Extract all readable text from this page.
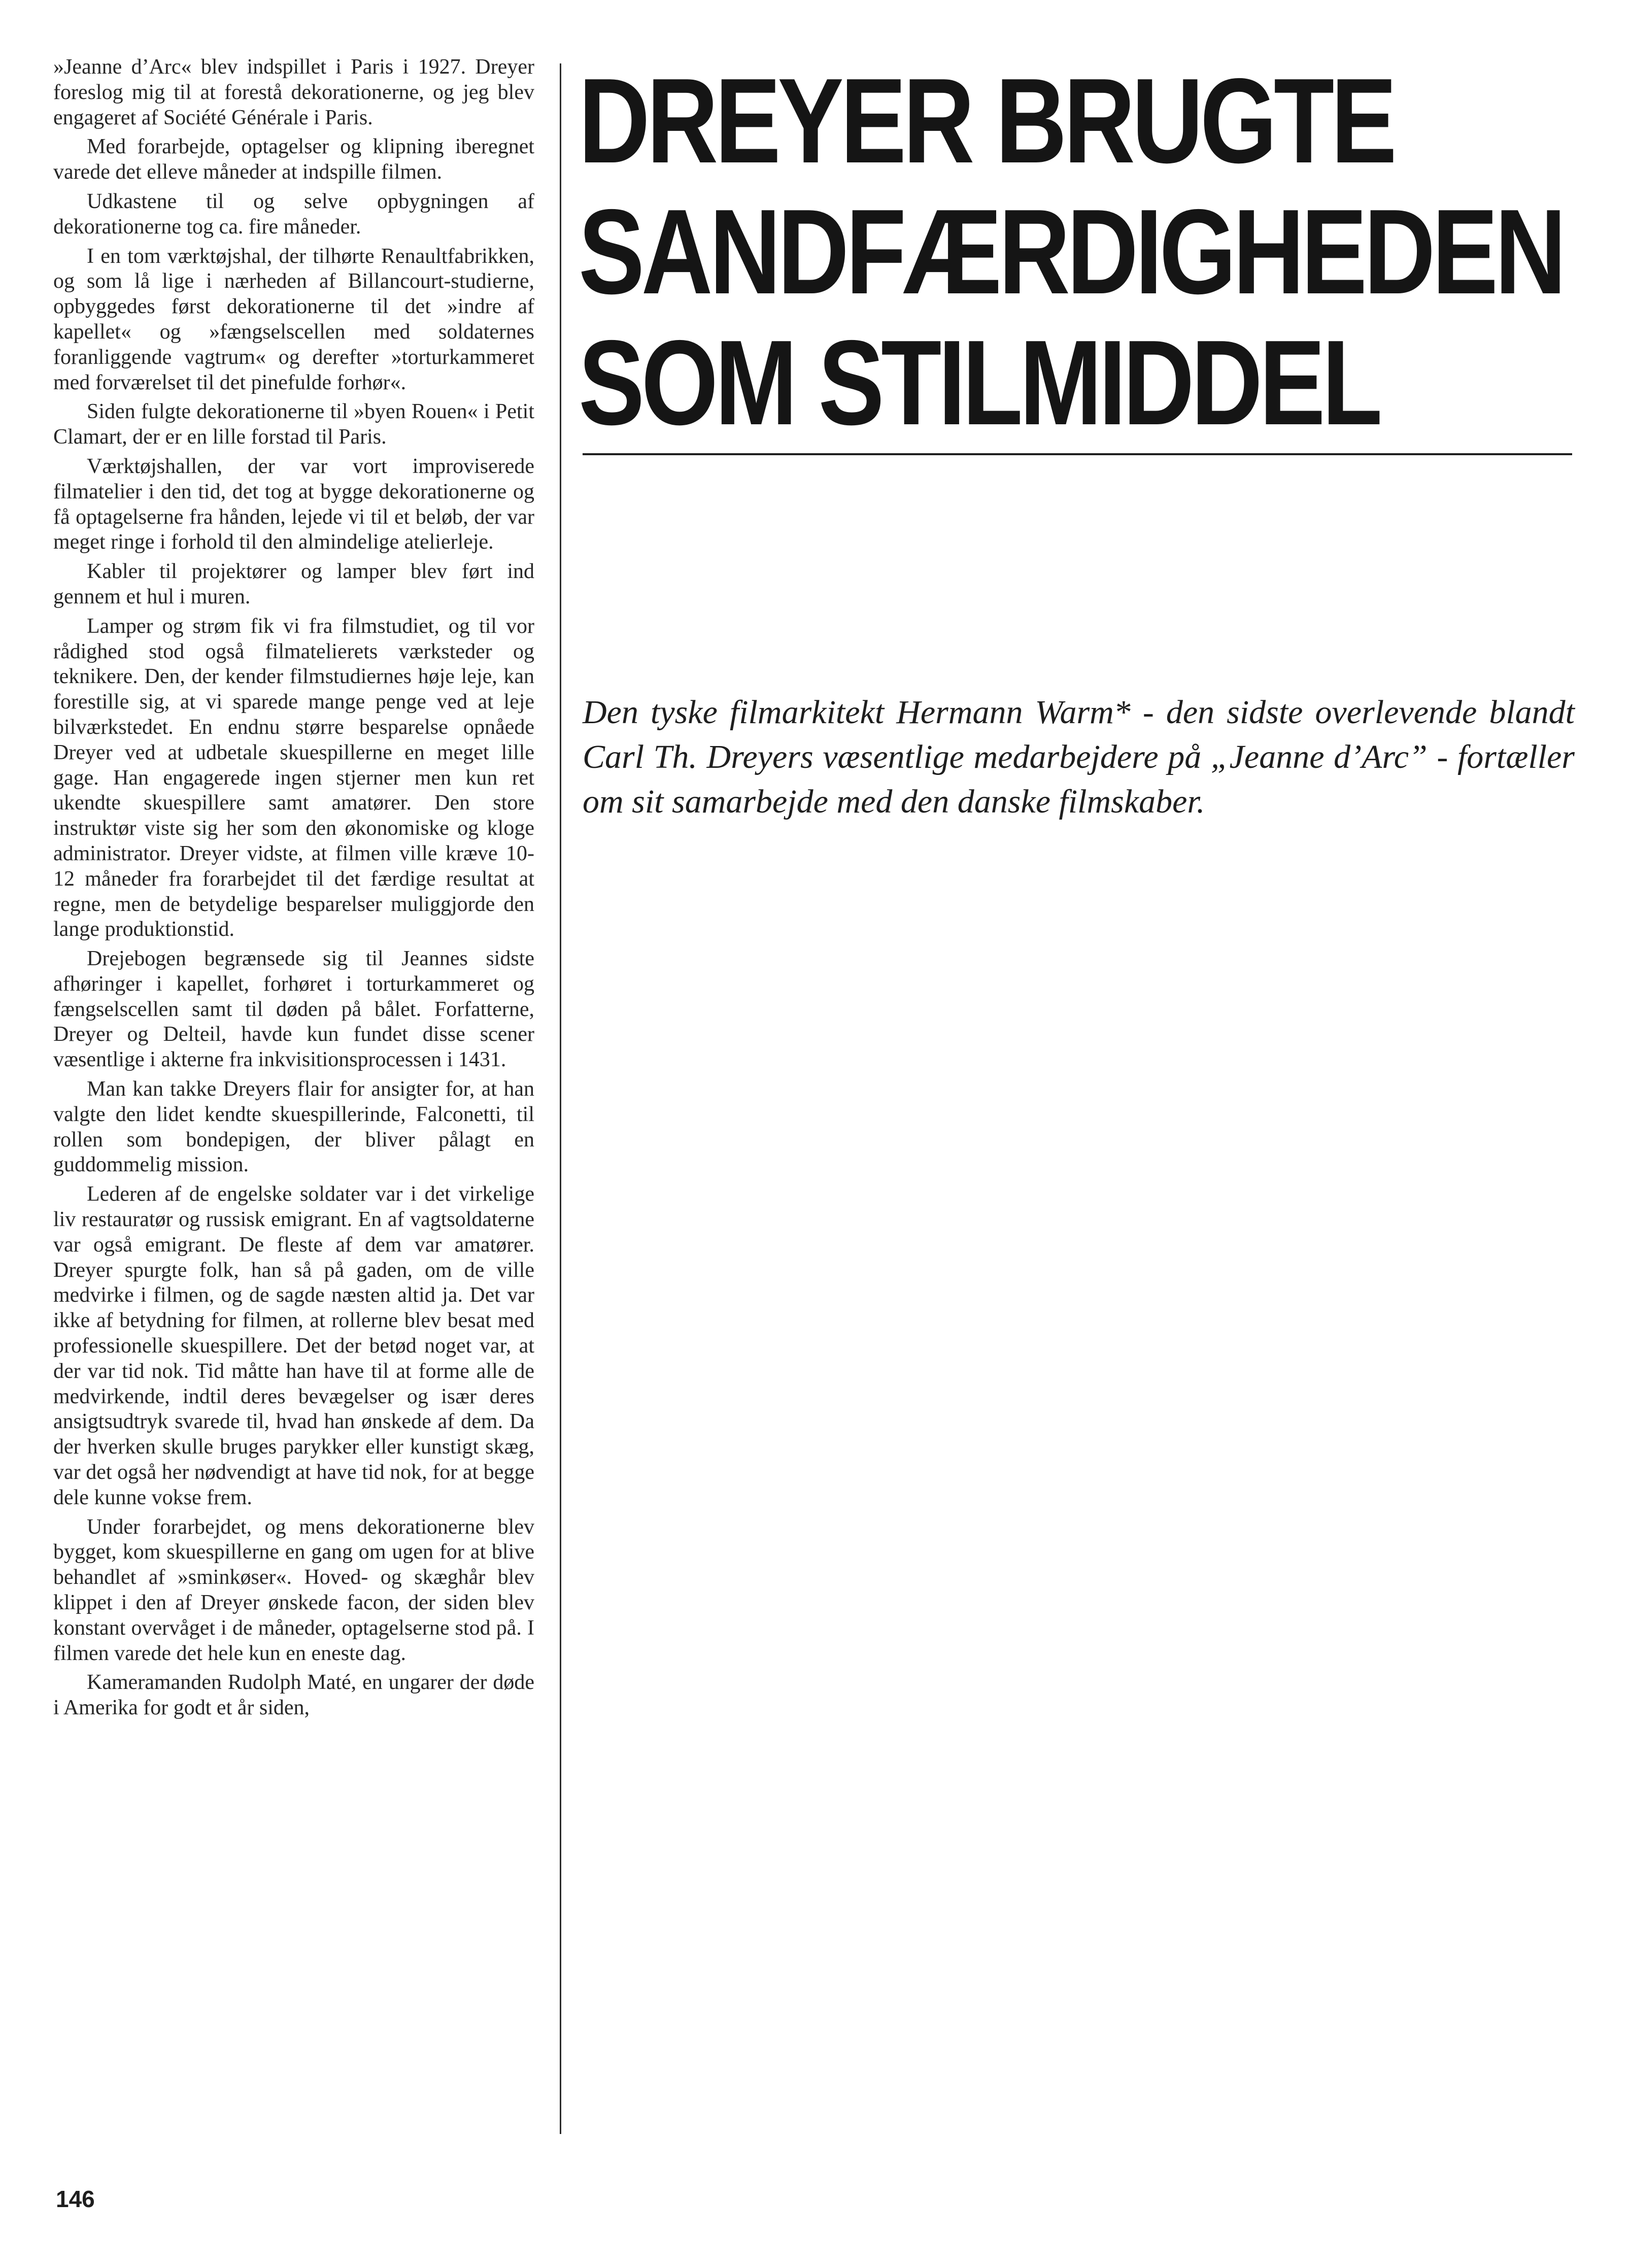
»Jeanne d’Arc« blev indspillet i Paris i 1927. Dreyer foreslog mig til at forestå dekorationerne, og jeg blev engageret af Société Générale i Paris.

Med forarbejde, optagelser og klipning iberegnet varede det elleve måneder at indspille filmen.

Udkastene til og selve opbygningen af dekorationerne tog ca. fire måneder.

I en tom værktøjshal, der tilhørte Renaultfabrikken, og som lå lige i nærheden af Billancourt-studierne, opbyggedes først dekorationerne til det »indre af kapellet« og »fængselscellen med soldaternes foranliggende vagtrum« og derefter »torturkammeret med forværelset til det pinefulde forhør«.

Siden fulgte dekorationerne til »byen Rouen« i Petit Clamart, der er en lille forstad til Paris.

Værktøjshallen, der var vort improviserede filmatelier i den tid, det tog at bygge dekorationerne og få optagelserne fra hånden, lejede vi til et beløb, der var meget ringe i forhold til den almindelige atelierleje.

Kabler til projektører og lamper blev ført ind gennem et hul i muren.

Lamper og strøm fik vi fra filmstudiet, og til vor rådighed stod også filmatelierets værksteder og teknikere. Den, der kender filmstudiernes høje leje, kan forestille sig, at vi sparede mange penge ved at leje bilværkstedet. En endnu større besparelse opnåede Dreyer ved at udbetale skuespillerne en meget lille gage. Han engagerede ingen stjerner men kun ret ukendte skuespillere samt amatører. Den store instruktør viste sig her som den økonomiske og kloge administrator. Dreyer vidste, at filmen ville kræve 10-12 måneder fra forarbejdet til det færdige resultat at regne, men de betydelige besparelser muliggjorde den lange produktionstid.

Drejebogen begrænsede sig til Jeannes sidste afhøringer i kapellet, forhøret i torturkammeret og fængselscellen samt til døden på bålet. Forfatterne, Dreyer og Delteil, havde kun fundet disse scener væsentlige i akterne fra inkvisitionsprocessen i 1431.

Man kan takke Dreyers flair for ansigter for, at han valgte den lidet kendte skuespillerinde, Falconetti, til rollen som bondepigen, der bliver pålagt en guddommelig mission.

Lederen af de engelske soldater var i det virkelige liv restauratør og russisk emigrant. En af vagtsoldaterne var også emigrant. De fleste af dem var amatører. Dreyer spurgte folk, han så på gaden, om de ville medvirke i filmen, og de sagde næsten altid ja. Det var ikke af betydning for filmen, at rollerne blev besat med professionelle skuespillere. Det der betød noget var, at der var tid nok. Tid måtte han have til at forme alle de medvirkende, indtil deres bevægelser og især deres ansigtsudtryk svarede til, hvad han ønskede af dem. Da der hverken skulle bruges parykker eller kunstigt skæg, var det også her nødvendigt at have tid nok, for at begge dele kunne vokse frem.

Under forarbejdet, og mens dekorationerne blev bygget, kom skuespillerne en gang om ugen for at blive behandlet af »sminkøser«. Hoved- og skæghår blev klippet i den af Dreyer ønskede facon, der siden blev konstant overvåget i de måneder, optagelserne stod på. I filmen varede det hele kun en eneste dag.

Kameramanden Rudolph Maté, en ungarer der døde i Amerika for godt et år siden,

DREYER BRUGTE
SANDFÆRDIGHEDEN
SOM STILMIDDEL

Den tyske filmarkitekt Hermann Warm* - den sidste overlevende blandt Carl Th. Dreyers væsentlige medarbejdere på „Jeanne d’Arc” - fortæller om sit samarbejde med den danske filmskaber.

146
